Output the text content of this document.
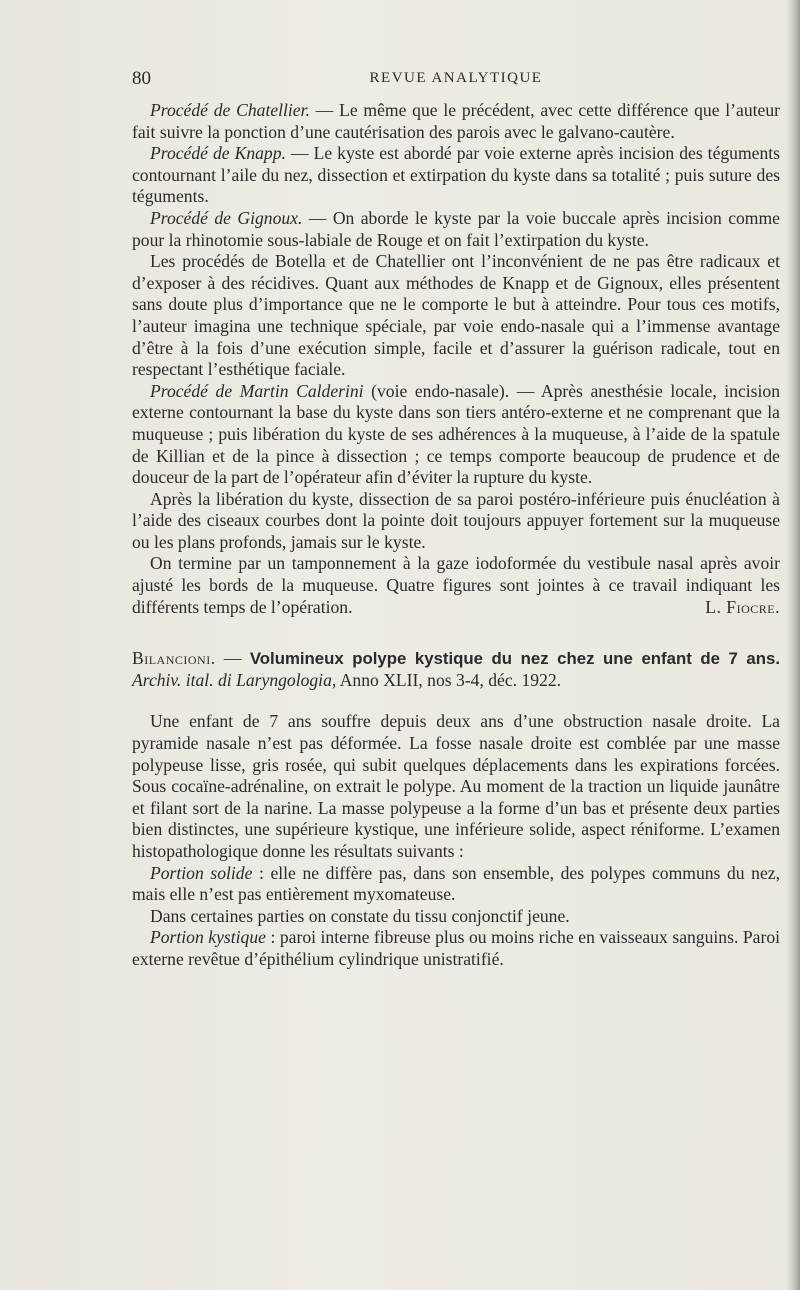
80	REVUE ANALYTIQUE

Procédé de Chatellier. — Le même que le précédent, avec cette différence que l’auteur fait suivre la ponction d’une cautérisation des parois avec le galvano-cautère.

Procédé de Knapp. — Le kyste est abordé par voie externe après incision des téguments contournant l’aile du nez, dissection et extirpation du kyste dans sa totalité ; puis suture des téguments.

Procédé de Gignoux. — On aborde le kyste par la voie buccale après incision comme pour la rhinotomie sous-labiale de Rouge et on fait l’extirpation du kyste.

Les procédés de Botella et de Chatellier ont l’inconvénient de ne pas être radicaux et d’exposer à des récidives. Quant aux méthodes de Knapp et de Gignoux, elles présentent sans doute plus d’importance que ne le comporte le but à atteindre. Pour tous ces motifs, l’auteur imagina une technique spéciale, par voie endo-nasale qui a l’immense avantage d’être à la fois d’une exécution simple, facile et d’assurer la guérison radicale, tout en respectant l’esthétique faciale.

Procédé de Martin Calderini (voie endo-nasale). — Après anesthésie locale, incision externe contournant la base du kyste dans son tiers antéro-externe et ne comprenant que la muqueuse ; puis libération du kyste de ses adhérences à la muqueuse, à l’aide de la spatule de Killian et de la pince à dissection ; ce temps comporte beaucoup de prudence et de douceur de la part de l’opérateur afin d’éviter la rupture du kyste.

Après la libération du kyste, dissection de sa paroi postéro-inférieure puis énucléation à l’aide des ciseaux courbes dont la pointe doit toujours appuyer fortement sur la muqueuse ou les plans profonds, jamais sur le kyste.

On termine par un tamponnement à la gaze iodoformée du vestibule nasal après avoir ajusté les bords de la muqueuse. Quatre figures sont jointes à ce travail indiquant les différents temps de l’opération.	L. Fiocre.

Bilancioni. — Volumineux polype kystique du nez chez une enfant de 7 ans. Archiv. ital. di Laryngologia, Anno XLII, nos 3-4, déc. 1922.

Une enfant de 7 ans souffre depuis deux ans d’une obstruction nasale droite. La pyramide nasale n’est pas déformée. La fosse nasale droite est comblée par une masse polypeuse lisse, gris rosée, qui subit quelques déplacements dans les expirations forcées. Sous cocaïne-adrénaline, on extrait le polype. Au moment de la traction un liquide jaunâtre et filant sort de la narine. La masse polypeuse a la forme d’un bas et présente deux parties bien distinctes, une supérieure kystique, une inférieure solide, aspect réniforme. L’examen histopathologique donne les résultats suivants :

Portion solide : elle ne diffère pas, dans son ensemble, des polypes communs du nez, mais elle n’est pas entièrement myxomateuse.

Dans certaines parties on constate du tissu conjonctif jeune.

Portion kystique : paroi interne fibreuse plus ou moins riche en vaisseaux sanguins. Paroi externe revêtue d’épithélium cylindrique unistratifié.
